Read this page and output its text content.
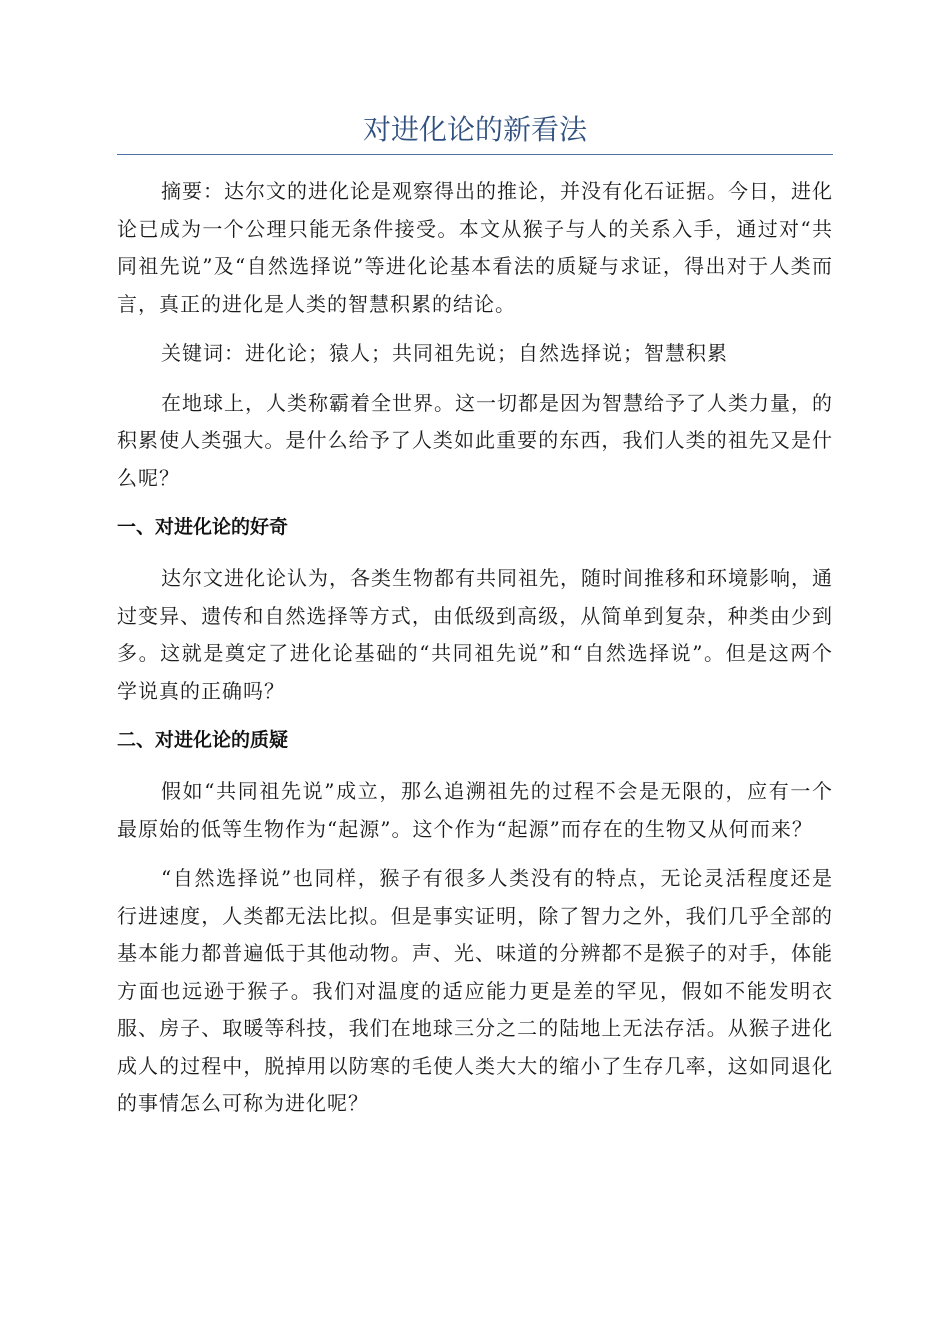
对进化论的新看法

摘要：达尔文的进化论是观察得出的推论，并没有化石证据。今日，进化论已成为一个公理只能无条件接受。本文从猴子与人的关系入手，通过对“共同祖先说”及“自然选择说”等进化论基本看法的质疑与求证，得出对于人类而言，真正的进化是人类的智慧积累的结论。

关键词：进化论；猿人；共同祖先说；自然选择说；智慧积累

在地球上，人类称霸着全世界。这一切都是因为智慧给予了人类力量，的积累使人类强大。是什么给予了人类如此重要的东西，我们人类的祖先又是什么呢？

一、对进化论的好奇

达尔文进化论认为，各类生物都有共同祖先，随时间推移和环境影响，通过变异、遗传和自然选择等方式，由低级到高级，从简单到复杂，种类由少到多。这就是奠定了进化论基础的“共同祖先说”和“自然选择说”。但是这两个学说真的正确吗？

二、对进化论的质疑

假如“共同祖先说”成立，那么追溯祖先的过程不会是无限的，应有一个最原始的低等生物作为“起源”。这个作为“起源”而存在的生物又从何而来？

“自然选择说”也同样，猴子有很多人类没有的特点，无论灵活程度还是行进速度，人类都无法比拟。但是事实证明，除了智力之外，我们几乎全部的基本能力都普遍低于其他动物。声、光、味道的分辨都不是猴子的对手，体能方面也远逊于猴子。我们对温度的适应能力更是差的罕见，假如不能发明衣服、房子、取暖等科技，我们在地球三分之二的陆地上无法存活。从猴子进化成人的过程中，脱掉用以防寒的毛使人类大大的缩小了生存几率，这如同退化的事情怎么可称为进化呢？
